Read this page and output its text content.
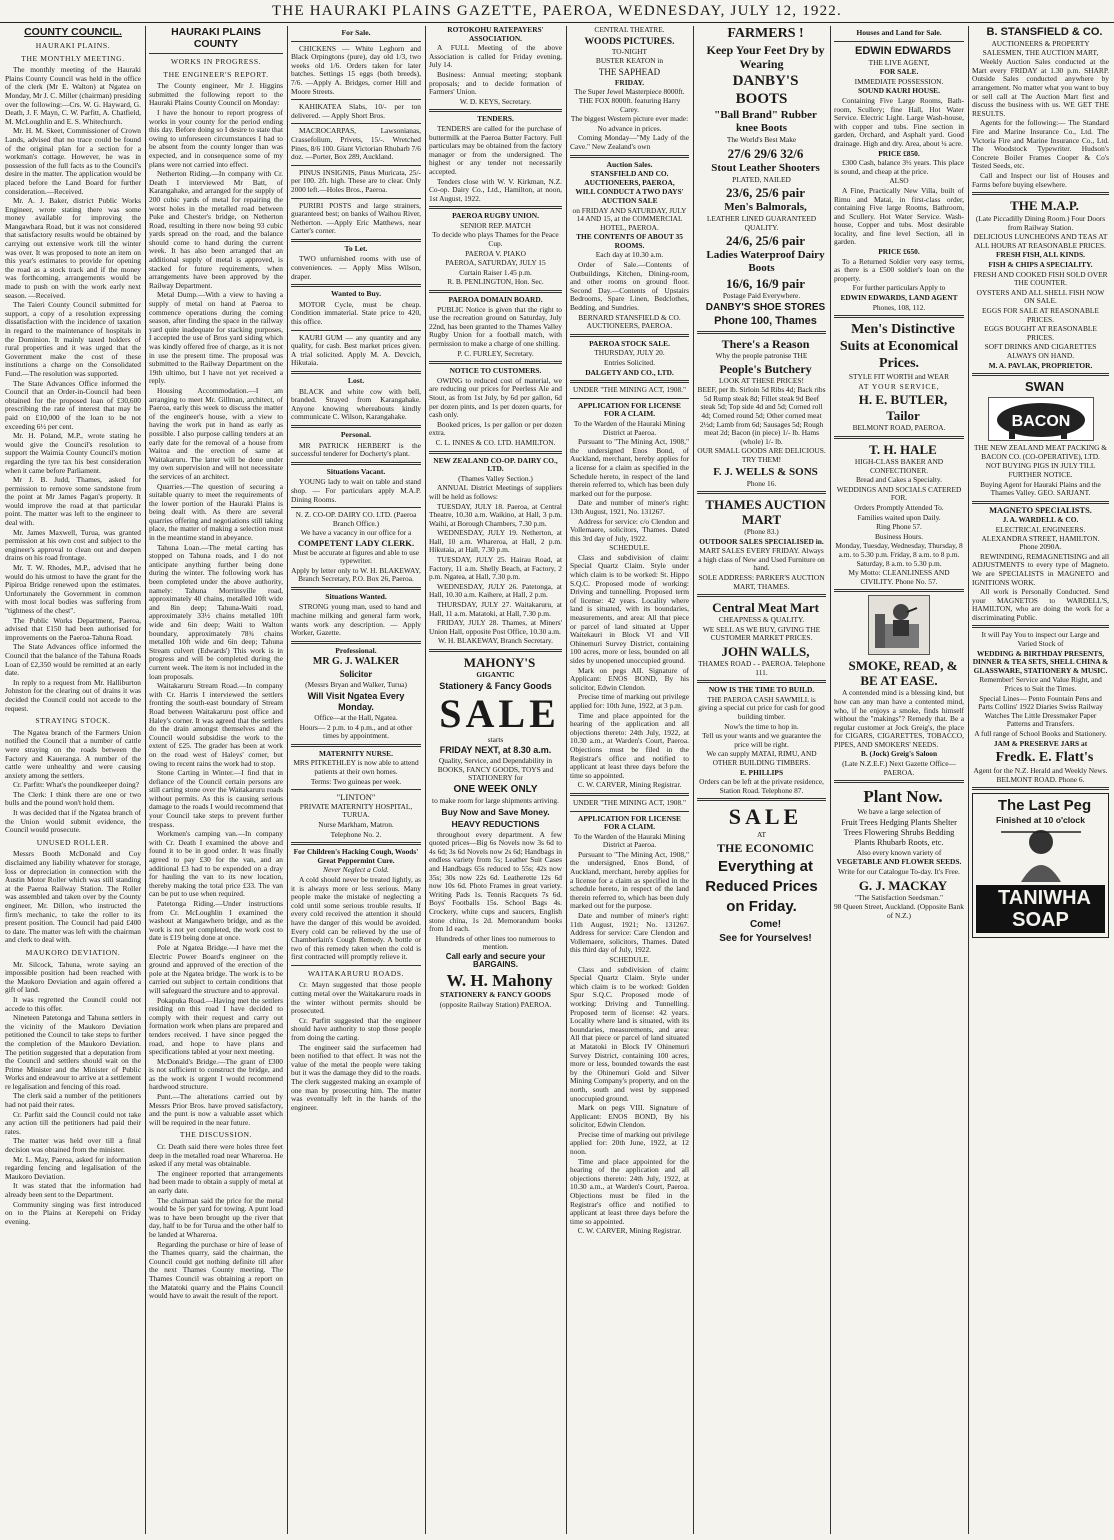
THE HAURAKI PLAINS GAZETTE, PAEROA, WEDNESDAY, JULY 12, 1922.
COUNTY COUNCIL.
HAURAKI PLAINS.
THE MONTHLY MEETING.

The monthly meeting of the Hauraki Plains County Council was held in the office of the clerk (Mr E. Walton) at Ngatea on Monday, Mr J. C. Miller (chairman) presiding over the following:—Crs. W. G. Hayward, G. Death, J. F. Mayn, C. W. Parfitt, A. Chatfield, M. McLoughlin and E. S. Whitechurch.

Mr. H. M. Skeet, Commissioner of Crown Lands, advised that no trace could be found of the original plan for a section for a workman's cottage. However, he was in possession of the full facts as to the Council's desire in the matter. The application would be placed before the Land Board for further consideration.—Received.

Mr. A. J. Baker, district Public Works Engineer, wrote stating there was some money available for improving the Mangawhara Road, but it was not considered that satisfactory results would be obtained by carrying out extensive work till the winter was over. It was proposed to note an item on this year's estimates to provide for opening the road as a stock track and if the money was forthcoming, arrangements would be made to push on with the work early next season. —Received.

The Taieri County Council submitted for support, a copy of a resolution expressing dissatisfaction with the incidence of taxation in regard to the maintenance of hospitals in the Dominion. It mainly taxed holders of rural properties and it was urged that the Government make the cost of these institutions a charge on the Consolidated Fund.—The resolution was supported.

The State Advances Office informed the Council that an Order-in-Council had been obtained for the proposed loan of £30,600 prescribing the rate of interest that may be paid on £10,000 of the loan to be not exceeding 6½ per cent.

Mr. H. Poland, M.P., wrote stating he would give the Council's resolution to support the Waimia County Council's motion regarding the tyre tax his best consideration when it came before Parliament.

Mr J. B. Judd, Thames, asked for permission to remove some sandstone from the point at Mr James Pagan's property. It would improve the road at that particular point. The matter was left to the engineer to deal with.

Mr. James Maxwell, Turua, was granted permission at his own cost and subject to the engineer's approval to clean out and deepen drains on his road frontage.

Mr. T. W. Rhodes, M.P., advised that he would do his utmost to have the grant for the Pipiroa Bridge renewed upon the estimates. Unfortunately the Government in common with most local bodies was suffering from "tightness of the chest".

The Public Works Department, Paeroa, advised that £150 had been authorised for improvements on the Paeroa-Tahuna Road.

The State Advances office informed the Council that the balance of the Tahuna Roads Loan of £2,350 would be remitted at an early date.

In reply to a request from Mr. Halliburton Johnston for the clearing out of drains it was decided the Council could not accede to the request.

STRAYING STOCK.

The Ngatea branch of the Farmers Union notified the Council that a number of cattle were straying on the roads between the Factory and Kaueranga. A number of the cattle were unhealthy and were causing anxiety among the settlers.

Cr. Parfitt: What's the poundkeeper doing?

The Clerk: I think there are one or two bulls and the pound won't hold them.

It was decided that if the Ngatea branch of the Union would submit evidence, the Council would prosecute.

UNUSED ROLLER.

Messrs Booth McDonald and Coy disclaimed any liability whatever for storage, loss or depreciation in connection with the Austin Motor Roller which was still standing at the Paeroa Railway Station. The Roller was assembled and taken over by the County engineer, Mr. Dillon, who instructed the firm's mechanic, to take the roller to its present position. The Council had paid £400 to date. The matter was left with the chairman and clerk to deal with.

MAUKORO DEVIATION.

Mr. Silcock, Tahuna, wrote saying an impossible position had been reached with the Maukoro Deviation and again offered a gift of land.

It was regretted the Council could not accede to this offer.

Nineteen Patetonga and Tahuna settlers in the vicinity of the Maukoro Deviation petitioned the Council to take steps to further the completion of the Maukoro Deviation. The petition suggested that a deputation from the Council and settlers should wait on the Prime Minister and the Minister of Public Works and endeavour to arrive at a settlement re legalisation and fencing of this road.

The clerk said a number of the petitioners had not paid their rates.

Cr. Parfitt said the Council could not take any action till the petitioners had paid their rates.

The matter was held over till a final decision was obtained from the minister.

Mr. L. May, Paeroa, asked for information regarding fencing and legalisation of the Maukoro Deviation.

It was stated that the information had already been sent to the Department.

Community singing was first introduced on to the Plains at Kerepehi on Friday evening.

HAURAKI PLAINS COUNTY
WORKS IN PROGRESS.
THE ENGINEER'S REPORT.

The County engineer, Mr J. Higgins submitted the following report to the Hauraki Plains County Council on Monday:

I have the honour to report progress of works in your county for the period ending this day. Before doing so I desire to state that owing to unforeseen circumstances I had to be absent from the county longer than was expected, and in consequence some of my plans were not carried into effect.

Netherton Riding.—In company with Cr. Death I interviewed Mr Batt, of Karangahake, and arranged for the supply of 200 cubic yards of metal for repairing the worst holes in the metalled road between Puke and Chester's bridge, on Netherton Road, resulting in there now being 93 cubic yards spread on the road, and the balance should come to hand during the current week. It has also been arranged that an additional supply of metal is approved, is stacked for future requirements, when arrangements have been approved by the Railway Department.

Metal Dump.—With a view to having a supply of metal on hand at Paeroa to commence operations during the coming season, after finding the space in the railway yard quite inadequate for stacking purposes, I accepted the use of Bros yard siding which was kindly offered free of charge, as it is not in use the present time. The proposal was submitted to the Railway Department on the 19th ultimo, but I have not yet received a reply.

Housing Accommodation.—I am arranging to meet Mr. Gillman, architect, of Paeroa, early this week to discuss the matter of the engineer's house, with a view to having the work put in hand as early as possible. I also purpose calling tenders at an early date for the removal of a house from Waitoa and the erection of same at Waitakaruru. The latter will be done under my own supervision and will not necessitate the services of an architect.

Quarries.—The question of securing a suitable quarry to meet the requirements of the lower portion of the Hauraki Plains is being dealt with. As there are several quarries offering and negotiations still taking place, the matter of making a selection must in the meantime stand in abeyance.

Tahuna Loan.—The metal carting has stopped on Tahuna roads, and I do not anticipate anything further being done during the winter. The following work has been completed under the above authority, namely: Tahuna Morrinsville road, approximately 40 chains, metalled 10ft wide and 8in deep; Tahuna-Waiti road, approximately 33½ chains metalled 10ft wide and 6in deep; Waiti to Walton boundary, approximately 78¾ chains metalled 10ft wide and 6in deep; Tahuna Stream culvert (Edwards') This work is in progress and will be completed during the current week. The item is not included in the loan proposals.

Waitakaruru Stream Road.—In company with Cr. Harris I interviewed the settlers fronting the south-east boundary of Stream Road between Waitakaruru post office and Haley's corner. It was agreed that the settlers do the drain amongst themselves and the Council would subsidise the work to the extent of £25. The grader has been at work on the road west of Haleys' corner, but owing to recent rains the work had to stop.

Stone Carting in Winter.—I find that in defiance of the Council certain persons are still carting stone over the Waitakaruru roads without permits. As this is causing serious damage to the roads I would recommend that your Council take steps to prevent further trespass.

Workmen's camping van.—In company with Cr. Death I examined the above and found it to be in good order. It was finally agreed to pay £30 for the van, and an additional £3 had to be expended on a dray for hauling the van to its new location, thereby making the total price £33. The van can be put to use when required.

Patetonga Riding.—Under instructions from Cr. McLoughlin I examined the washout at Mangawhero bridge, and as the work is not yet completed, the work cost to date is £19 being done at once.

Pole at Ngatea Bridge.—I have met the Electric Power Board's engineer on the ground and approved of the erection of the pole at the Ngatea bridge. The work is to be carried out subject to certain conditions that will safeguard the structure and to approval.

Pokapuka Road.—Having met the settlers residing on this road I have decided to comply with their request and carry out formation work when plans are prepared and tenders received. I have since pegged the road, and hope to have plans and specifications tabled at your next meeting.

McDonald's Bridge.—The grant of £300 is not sufficient to construct the bridge, and as the work is urgent I would recommend hardwood structure.

Punt.—The alterations carried out by Messrs Prior Bros. have proved satisfactory, and the punt is now a valuable asset which will be required in the near future.

THE DISCUSSION.

Cr. Death said there were holes three feet deep in the metalled road near Whareroa. He asked if any metal was obtainable.

The engineer reported that arrangements had been made to obtain a supply of metal at an early date.

The chairman said the price for the metal would be 5s per yard for towing. A punt load was to have been brought up the river that day, half to be for Turua and the other half to be landed at Whareroa.

Regarding the purchase or hire of lease of the Thames quarry, said the chairman, the Council could get nothing definite till after the next Thames County meeting. The Thames Council was obtaining a report on the Matatoki quarry and the Plains Council would have to await the result of the report.

For Sale.

CHICKENS — White Leghorn and Black Orpingtons (pure), day old 1/3, two weeks old 1/6. Orders taken for later batches. Settings 15 eggs (both breeds), 7/6. —Apply A. Bridges, corner Hill and Moore Streets.

KAHIKATEA Slabs, 10/- per ton delivered. — Apply Short Bros.

MACROCARPAS, Lawsonianas, Crassefolium, Privets, 15/-. Wretched Pines, 8/6 100. Giant Victorian Rhubarb 7/6 doz. —Porter, Box 289, Auckland.

PINUS INSIGNIS, Pinus Muricata, 25/- per 100. 2ft. high. These are to clear. Only 2000 left.—Holes Bros., Paeroa.

PURIRI POSTS and large strainers, guaranteed best; on banks of Waihou River, Netherton. —Apply Eric Matthews, near Carter's corner.

To Let.

TWO unfurnished rooms with use of conveniences. — Apply Miss Wilson, draper.

Wanted to Buy.

MOTOR Cycle, must be cheap. Condition immaterial. State price to 420, this office.

KAURI GUM — any quantity and any quality, for cash. Best market prices given. A trial solicited. Apply M. A. Devcich, Hikutaia.

Lost.

BLACK and white cow with bell, branded. Strayed from Karangahake. Anyone knowing whereabouts kindly communicate C. Wilson, Karangahake.

Personal.

MR PATRICK HERBERT is the successful tenderer for Docherty's plant.

Situations Vacant.

YOUNG lady to wait on table and stand shop. — For particulars apply M.A.P. Dining Rooms.

N. Z. CO-OP. DAIRY CO. LTD. (Paeroa Branch Office.)

We have a vacancy in our office for a

COMPETENT LADY CLERK.

Must be accurate at figures and able to use typewriter.

Apply by letter only to W. H. BLAKEWAY, Branch Secretary, P.O. Box 26, Paeroa.

Situations Wanted.

STRONG young man, used to hand and machine milking and general farm work, wants work any description. — Apply Worker, Gazette.

Professional.

MR G. J. WALKER

Solicitor

(Messrs Bryan and Walker, Turua)

Will Visit Ngatea Every Monday.

Office—at the Hall, Ngatea.

Hours— 2 p.m. to 4 p.m., and at other times by appointment.

MATERNITY NURSE.

MRS PITKETHLEY is now able to attend patients at their own homes.

Terms: Two guineas per week.

"LINTON"

PRIVATE MATERNITY HOSPITAL, TURUA.

Nurse Markham, Matron.

Telephone No. 2.

For Children's Hacking Cough, Woods' Great Peppermint Cure.

Never Neglect a Cold.

A cold should never be treated lightly, as it is always more or less serious. Many people make the mistake of neglecting a cold until some serious trouble results. If every cold received the attention it should have the danger of this would be avoided. Every cold can be relieved by the use of Chamberlain's Cough Remedy. A bottle or two of this remedy taken when the cold is first contracted will promptly relieve it.

WAITAKARURU ROADS.

Cr. Mayn suggested that those people cutting metal over the Waitakaruru roads in the winter without permits should be prosecuted.

Cr. Parfitt suggested that the engineer should have authority to stop those people from doing the carting.

The engineer said the surfacemen had been notified to that effect. It was not the value of the metal the people were taking but it was the damage they did to the roads. The clerk suggested making an example of one man by prosecuting him. The matter was eventually left in the hands of the engineer.

ROTOKOHU RATEPAYERS' ASSOCIATION.

A FULL Meeting of the above Association is called for Friday evening, July 14.

Business: Annual meeting; stopbank proposals; and to decide formation of Farmers' Union.

W. D. KEYS, Secretary.

TENDERS.

TENDERS are called for the purchase of buttermilk at the Paeroa Butter Factory. Full particulars may be obtained from the factory manager or from the undersigned. The highest or any tender not necessarily accepted.

Tenders close with W. V. Kirkman, N.Z. Co-op. Dairy Co., Ltd., Hamilton, at noon, 1st August, 1922.

PAEROA RUGBY UNION.

SENIOR REP. MATCH

To decide who plays Thames for the Peace Cup.

PAEROA V. PIAKO

PAEROA, SATURDAY, JULY 15

Curtain Raiser 1.45 p.m.

R. B. PENLINGTON, Hon. Sec.

PAEROA DOMAIN BOARD.

PUBLIC Notice is given that the right to use the recreation ground on Saturday, July 22nd, has been granted to the Thames Valley Rugby Union for a football match, with permission to make a charge of one shilling.

P. C. FURLEY, Secretary.

NOTICE TO CUSTOMERS.

OWING to reduced cost of material, we are reducing our prices for Peerless Ale and Stout, as from 1st July, by 6d per gallon, 6d per dozen pints, and 1s per dozen quarts, for cash only.

Booked prices, 1s per gallon or per dozen extra.

C. L. INNES & CO. LTD. HAMILTON.

NEW ZEALAND CO-OP. DAIRY CO., LTD.

(Thames Valley Section.)

ANNUAL District Meetings of suppliers will be held as follows:

TUESDAY, JULY 18. Paeroa, at Central Theatre, 10.30 a.m. Waikino, at Hall, 3 p.m. Waihi, at Borough Chambers, 7.30 p.m.

WEDNESDAY, JULY 19. Netherton, at Hall, 10 a.m. Whareroa, at Hall, 2 p.m. Hikutaia, at Hall, 7.30 p.m.

TUESDAY, JULY 25. Hairau Road, at Factory, 11 a.m. Shelly Beach, at Factory, 2 p.m. Ngatea, at Hall, 7.30 p.m.

WEDNESDAY, JULY 26. Patetonga, at Hall, 10.30 a.m. Kaihere, at Hall, 2 p.m.

THURSDAY, JULY 27. Waitakaruru, at Hall, 11 a.m. Matatoki, at Hall, 7.30 p.m.

FRIDAY, JULY 28. Thames, at Miners' Union Hall, opposite Post Office, 10.30 a.m.

W. H. BLAKEWAY, Branch Secretary.

MAHONY'S

GIGANTIC

Stationery & Fancy Goods

SALE

starts

FRIDAY NEXT, at 8.30 a.m.

Quality, Service, and Dependability in BOOKS, FANCY GOODS, TOYS and STATIONERY for

ONE WEEK ONLY

to make room for large shipments arriving.

Buy Now and Save Money.

HEAVY REDUCTIONS

throughout every department. A few quoted prices—Big 6s Novels now 3s 6d to 4s 6d; 3s 6d Novels now 2s 6d; Handbags in endless variety from 5s; Leather Suit Cases and Handbags 65s reduced to 55s; 42s now 35s; 30s now 22s 6d. Leatherette 12s 6d now 10s 6d. Photo Frames in great variety. Writing Pads 1s. Tennis Racquets 7s 6d. Boys' Footballs 15s. School Bags 4s. Crockery, white cups and saucers, English stone china, 1s 2d. Memorandum books from 1d each.

Hundreds of other lines too numerous to mention.

Call early and secure your BARGAINS.

W. H. Mahony

STATIONERY & FANCY GOODS

(opposite Railway Station) PAEROA.

CENTRAL THEATRE.

WOODS PICTURES.

TO-NIGHT

BUSTER KEATON in

THE SAPHEAD

FRIDAY.

The Super Jewel Masterpiece 8000ft. THE FOX 8000ft. featuring Harry Carey.

The biggest Western picture ever made:

No advance in prices.

Coming Monday—"My Lady of the Cave." New Zealand's own

Auction Sales.

STANSFIELD AND CO. AUCTIONEERS, PAEROA,

WILL CONDUCT A TWO DAYS' AUCTION SALE

on FRIDAY AND SATURDAY, JULY 14 AND 15, at the COMMERCIAL HOTEL, PAEROA.

THE CONTENTS OF ABOUT 35 ROOMS.

Each day at 10.30 a.m.

Order of Sale.—Contents of Outbuildings, Kitchen, Dining-room, and other rooms on ground floor. Second Day.—Contents of Upstairs Bedrooms, Spare Linen, Bedclothes, Bedding, and Sundries.

BERNARD STANSFIELD & CO. AUCTIONEERS, PAEROA.

PAEROA STOCK SALE.

THURSDAY, JULY 20.

Entries Solicited.

DALGETY AND CO., LTD.

UNDER "THE MINING ACT, 1908."

APPLICATION FOR LICENSE FOR A CLAIM.

To the Warden of the Hauraki Mining District at Paeroa.

Pursuant to "The Mining Act, 1908," the undersigned Enos Bond, of Auckland, merchant, hereby applies for a license for a claim as specified in the Schedule hereto, in respect of the land therein referred to, which has been duly marked out for the purpose.

Date and number of miner's right: 13th August, 1921, No. 131267.

Address for service: c/o Clendon and Vollemaere, solicitors, Thames. Dated this 3rd day of July, 1922.

SCHEDULE.

Class and subdivision of claim: Special Quartz Claim. Style under which claim is to be worked: St. Hippo S.Q.C. Proposed mode of working: Driving and tunnelling. Proposed term of license: 42 years. Locality where land is situated, with its boundaries, measurements, and area: All that piece or parcel of land situated at Upper Waitekauri in Block VI and VII Ohinemuri Survey District, containing 100 acres, more or less, bounded on all sides by unopened unoccupied ground.

Mark on pegs AII. Signature of Applicant: ENOS BOND, By his solicitor, Edwin Clendon.

Precise time of marking out privilege applied for: 10th June, 1922, at 3 p.m.

Time and place appointed for the hearing of the application and all objections thereto: 24th July, 1922, at 10.30 a.m., at Warden's Court, Paeroa. Objections must be filed in the Registrar's office and notified to applicant at least three days before the time so appointed.

C. W. CARVER, Mining Registrar.

UNDER "THE MINING ACT, 1908."

APPLICATION FOR LICENSE FOR A CLAIM.

To the Warden of the Hauraki Mining District at Paeroa.

Pursuant to "The Mining Act, 1908," the undersigned, Enos Bond, of Auckland, merchant, hereby applies for a license for a claim as specified in the schedule hereto, in respect of the land therein referred to, which has been duly marked out for the purpose.

Date and number of miner's right: 11th August, 1921; No. 131267. Address for service: Care Clendon and Vollemaere, solicitors, Thames. Dated this third day of July, 1922.

SCHEDULE.

Class and subdivision of claim: Special Quartz Claim. Style under which claim is to be worked: Golden Spur S.Q.C. Proposed mode of working: Driving and Tunnelling. Proposed term of license: 42 years. Locality where land is situated, with its boundaries, measurements, and area: All that piece or parcel of land situated at Matatoki in Block IV Ohinemuri Survey District, containing 100 acres, more or less, bounded towards the east by the Ohinemuri Gold and Silver Mining Company's property, and on the north, south and west by supposed unoccupied ground.

Mark on pegs VIII. Signature of Applicant: ENOS BOND, By his solicitor, Edwin Clendon.

Precise time of marking out privilege applied for: 20th June, 1922, at 12 noon.

Time and place appointed for the hearing of the application and all objections thereto: 24th July, 1922, at 10.30 a.m., at Warden's Court, Paeroa. Objections must be filed in the Registrar's office and notified to applicant at least three days before the time so appointed.

C. W. CARVER, Mining Registrar.

FARMERS !

Keep Your Feet Dry by Wearing

DANBY'S BOOTS

"Ball Brand" Rubber knee Boots

The World's Best Make

27/6 29/6 32/6

Stout Leather Shooters

PLATED, NAILED

23/6, 25/6 pair

Men's Balmorals,

LEATHER LINED GUARANTEED QUALITY.

24/6, 25/6 pair

Ladies Waterproof Dairy Boots

16/6, 16/9 pair

Postage Paid Everywhere.

DANBY'S SHOE STORES

Phone 100, Thames

There's a Reason

Why the people patronise THE

People's Butchery

LOOK AT THESE PRICES!

BEEF, per lb. Sirloin 5d Ribs 4d; Back ribs 5d Rump steak 8d; Fillet steak 9d Beef steak 5d; Top side 4d and 5d; Corned roll 4d; Corned round 5d; Other corned meat 2½d; Lamb from 6d; Sausages 5d; Rough meat 2d; Bacon (in piece) 1/- lb. Hams (whole) 1/- lb.

OUR SMALL GOODS ARE DELICIOUS. TRY THEM!

F. J. WELLS & SONS

Phone 16.

THAMES AUCTION MART

(Phone 83.)

OUTDOOR SALES SPECIALISED in.

MART SALES EVERY FRIDAY. Always a high class of New and Used Furniture on hand.

SOLE ADDRESS: PARKER'S AUCTION MART, THAMES.

Central Meat Mart

CHEAPNESS & QUALITY.

WE SELL AS WE BUY, GIVING THE CUSTOMER MARKET PRICES.

JOHN WALLS,

THAMES ROAD - - PAEROA. Telephone 111.

NOW IS THE TIME TO BUILD.

THE PAEROA CASH SAWMILL is giving a special cut price for cash for good building timber.

Now's the time to hop in.

Tell us your wants and we guarantee the price will be right.

We can supply MATAI, RIMU, AND OTHER BUILDING TIMBERS.

E. PHILLIPS

Orders can be left at the private residence, Station Road. Telephone 87.

SALE

AT

THE ECONOMIC

Everything at Reduced Prices on Friday.

Come!

See for Yourselves!

Houses and Land for Sale.

EDWIN EDWARDS

THE LIVE AGENT,

FOR SALE.

IMMEDIATE POSSESSION.

SOUND KAURI HOUSE.

Containing Five Large Rooms, Bath-room, Scullery; fine Hall, Hot Water Service. Electric Light. Large Wash-house, with copper and tubs. Fine section in garden, Orchard, and Asphalt yard. Good drainage. High and dry. Area, about ¼ acre.

PRICE £850.

£300 Cash, balance 3½ years. This place is sound, and cheap at the price.

ALSO

A Fine, Practically New Villa, built of Rimu and Matai, in first-class order, containing Five large Rooms, Bathroom, and Scullery. Hot Water Service. Wash-house, Copper and tubs. Most desirable locality, and fine level Section, all in garden.

PRICE £650.

To a Returned Soldier very easy terms, as there is a £500 soldier's loan on the property.

For further particulars Apply to

EDWIN EDWARDS, LAND AGENT

Phones, 108, 112.

Men's Distinctive Suits at Economical Prices.

STYLE FIT WORTH and WEAR

AT YOUR SERVICE,

H. E. BUTLER,

Tailor

BELMONT ROAD, PAEROA.

T. H. HALE

HIGH-CLASS BAKER AND CONFECTIONER.

Bread and Cakes a Specialty.

WEDDINGS AND SOCIALS CATERED FOR.

Orders Promptly Attended To.

Families waited upon Daily.

Ring Phone 57.

Business Hours.

Monday, Tuesday, Wednesday, Thursday, 8 a.m. to 5.30 p.m. Friday, 8 a.m. to 8 p.m. Saturday, 8 a.m. to 5.30 p.m.

My Motto: CLEANLINESS AND CIVILITY. Phone No. 57.

SMOKE, READ, & BE AT EASE.

A contended mind is a blessing kind, but how can any man have a contented mind, who, if he enjoys a smoke, finds himself without the "makings"? Remedy that. Be a regular customer at Jock Greig's, the place for CIGARS, CIGARETTES, TOBACCO, PIPES, AND SMOKERS' NEEDS.

B. (Jock) Greig's Saloon

(Late N.Z.E.F.) Next Gazette Office—PAEROA.

Plant Now.

We have a large selection of

Fruit Trees Hedging Plants Shelter Trees Flowering Shrubs Bedding Plants Rhubarb Roots, etc.

Also every known variety of

VEGETABLE AND FLOWER SEEDS.

Write for our Catalogue To-day. It's Free.

G. J. MACKAY

"The Satisfaction Seedsman."

98 Queen Street, Auckland. (Opposite Bank of N.Z.)

B. STANSFIELD & CO.

AUCTIONEERS & PROPERTY SALESMEN, THE AUCTION MART,

Weekly Auction Sales conducted at the Mart every FRIDAY at 1.30 p.m. SHARP. Outside Sales conducted anywhere by arrangement. No matter what you want to buy or sell call at The Auction Mart first and discuss the business with us. WE GET THE RESULTS.

Agents for the following:— The Standard Fire and Marine Insurance Co., Ltd. The Victoria Fire and Marine Insurance Co., Ltd. The Woodstock Typewriter. Hudson's Concrete Boiler Frames Cooper & Co's Tested Seeds, etc.

Call and Inspect our list of Houses and Farms before buying elsewhere.

THE M.A.P.

(Late Piccadilly Dining Room.) Four Doors from Railway Station.

DELICIOUS LUNCHEONS AND TEAS AT ALL HOURS AT REASONABLE PRICES.

FRESH FISH, ALL KINDS.

FISH & CHIPS A SPECIALITY.

FRESH AND COOKED FISH SOLD OVER THE COUNTER.

OYSTERS AND ALL SHELL FISH NOW ON SALE.

EGGS FOR SALE AT REASONABLE PRICES.

EGGS BOUGHT AT REASONABLE PRICES.

SOFT DRINKS AND CIGARETTES ALWAYS ON HAND.

M. A. PAVLAK, PROPRIETOR.

SWAN

BACON

THE NEW ZEALAND MEAT PACKING & BACON CO. (CO-OPERATIVE), LTD.

NOT BUYING PIGS IN JULY TILL FURTHER NOTICE.

Buying Agent for Hauraki Plains and the Thames Valley. GEO. SARJANT.

MAGNETO SPECIALISTS.

J. A. WARDELL & CO.

ELECTRICAL ENGINEERS. ALEXANDRA STREET, HAMILTON. Phone 2090A.

REWINDING, REMAGNETISING and all ADJUSTMENTS to every type of Magneto. We are SPECIALISTS in MAGNETO and IGNITIONS WORK.

All work is Personally Conducted. Send your MAGNETOS to WARDELL'S, HAMILTON, who are doing the work for a discriminating Public.

It will Pay You to inspect our Large and Varied Stock of

WEDDING & BIRTHDAY PRESENTS, DINNER & TEA SETS, SHELL CHINA & GLASSWARE, STATIONERY & MUSIC.

Remember! Service and Value Right, and Prices to Suit the Times.

Special Lines— Pento Fountain Pens and Parts Collins' 1922 Diaries Swiss Railway Watches The Little Dressmaker Paper Patterns and Transfers.

A full range of School Books and Stationery.

JAM & PRESERVE JARS at

Fredk. E. Flatt's

Agent for the N.Z. Herald and Weekly News. BELMONT ROAD. Phone 6.

The Last Peg

Finished at 10 o'clock

TANIWHA SOAP
